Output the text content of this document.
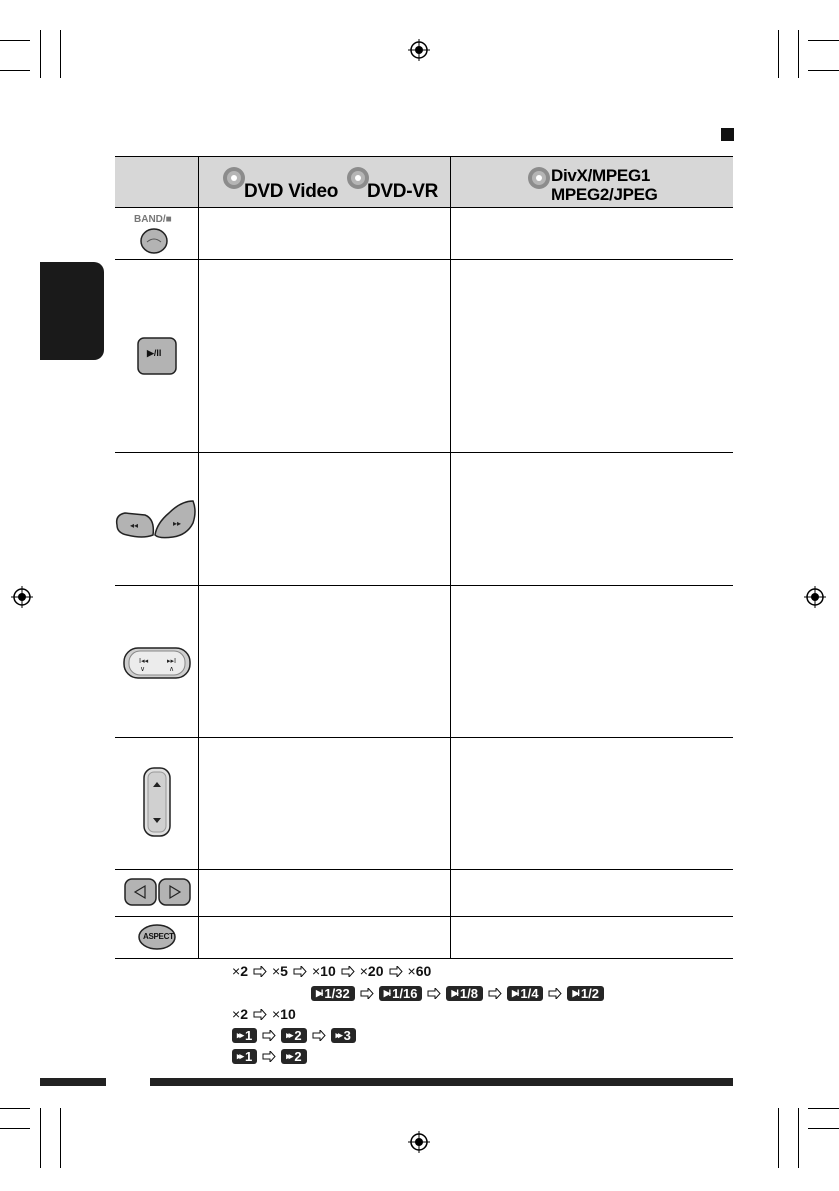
DVD Video DVD-VR
DivX/MPEG1
MPEG2/JPEG
BAND/■
▶/II
◂◂	▸▸
I◂◂	▸▸I
∨	∧
ASPECT
× 2	× 5	× 10	× 20	× 60
▶I 1/32	▶I 1/16	▶I 1/8	▶I 1/4	▶I 1/2
× 2	× 10
▸▸ 1	▸▸ 2	▸▸ 3
▸▸ 1	▸▸ 2
